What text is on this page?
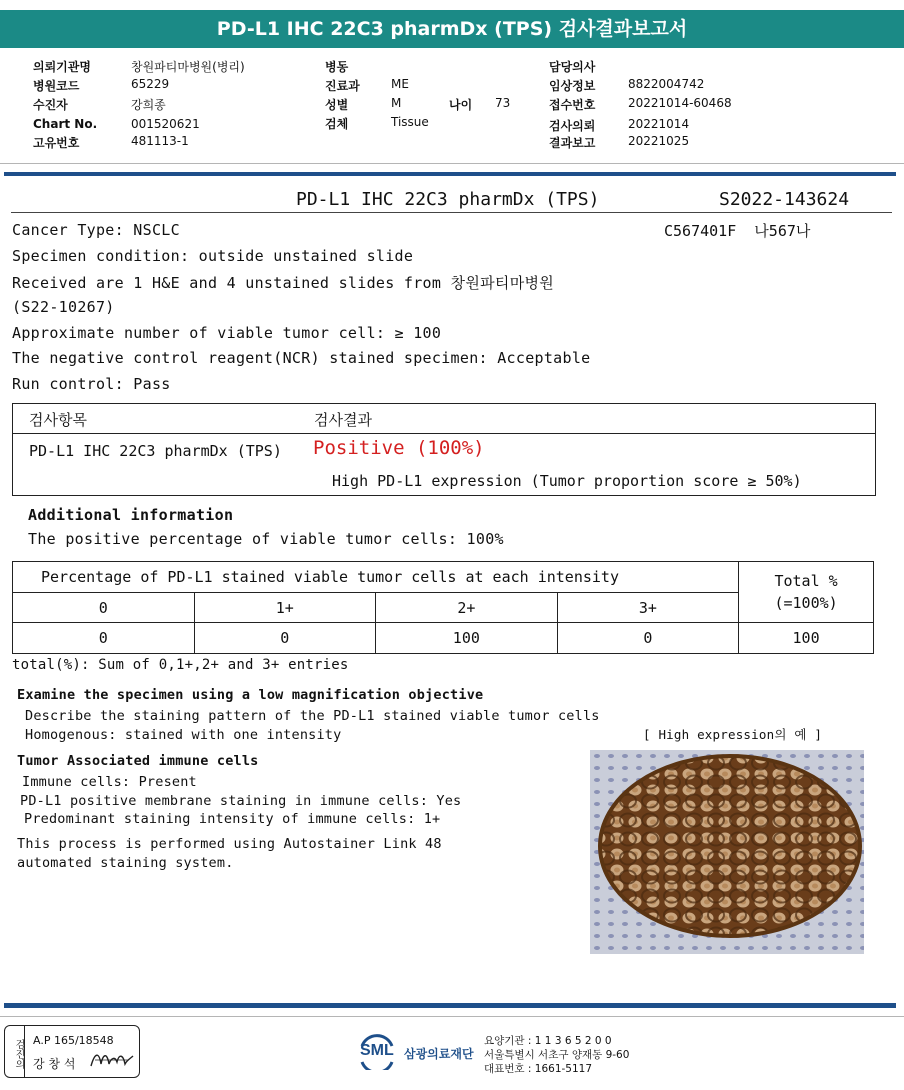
PD-L1 IHC 22C3 pharmDx (TPS) 검사결과보고서
의뢰기관명	창원파티마병원(병리)
병원코드	65229
수진자	강희종
Chart No.	001520621
고유번호	481113-1
병동
진료과	ME
성별	M	나이 73
검체	Tissue
담당의사
임상정보	8822004742
접수번호	20221014-60468
검사의뢰	20221014
결과보고	20221025
PD-L1 IHC 22C3 pharmDx (TPS)	S2022-143624
C567401F  나567나
Cancer Type: NSCLC
Specimen condition: outside unstained slide
Received are 1 H&E and 4 unstained slides from 창원파티마병원
(S22-10267)
Approximate number of viable tumor cell: ≥ 100
The negative control reagent(NCR) stained specimen: Acceptable
Run control: Pass
검사항목	검사결과
PD-L1 IHC 22C3 pharmDx (TPS) Positive (100%)
High PD-L1 expression (Tumor proportion score ≥ 50%)
Additional information
The positive percentage of viable tumor cells: 100%
Percentage of PD-L1 stained viable tumor cells at each intensity				Total %
(=100%)

0	1+	2+	3+	
0	0	100	0	100
total(%): Sum of 0,1+,2+ and 3+ entries
Examine the specimen using a low magnification objective
Describe the staining pattern of the PD-L1 stained viable tumor cells
Homogenous: stained with one intensity	[ High expression의 예 ]
Tumor Associated immune cells
Immune cells: Present
PD-L1 positive membrane staining in immune cells: Yes
Predominant staining intensity of immune cells: 1+
This process is performed using Autostainer Link 48
automated staining system.
검진의 A.P 165/18548
강 창 석
SML 삼광의료재단
요양기관 : 1 1 3 6 5 2 0 0
서울특별시 서초구 양재동 9-60
대표번호 : 1661-5117
